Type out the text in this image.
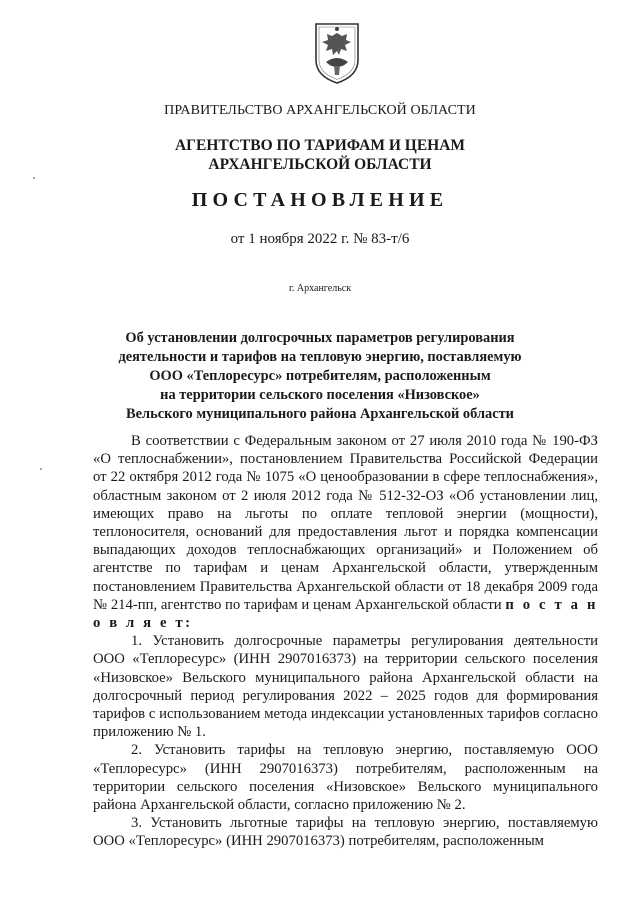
ПРАВИТЕЛЬСТВО АРХАНГЕЛЬСКОЙ ОБЛАСТИ
АГЕНТСТВО ПО ТАРИФАМ И ЦЕНАМ
АРХАНГЕЛЬСКОЙ ОБЛАСТИ
ПОСТАНОВЛЕНИЕ
от 1 ноября 2022 г. № 83-т/6
г. Архангельск
Об установлении долгосрочных параметров регулирования
деятельности и тарифов на тепловую энергию, поставляемую
ООО «Теплоресурс» потребителям, расположенным
на территории сельского поселения «Низовское»
Вельского муниципального района Архангельской области

В соответствии с Федеральным законом от 27 июля 2010 года № 190-ФЗ «О теплоснабжении», постановлением Правительства Российской Федерации от 22 октября 2012 года № 1075 «О ценообразовании в сфере теплоснабжения», областным законом от 2 июля 2012 года № 512-32-ОЗ «Об установлении лиц, имеющих право на льготы по оплате тепловой энергии (мощности), теплоносителя, оснований для предоставления льгот и порядка компенсации выпадающих доходов теплоснабжающих организаций» и Положением об агентстве по тарифам и ценам Архангельской области, утвержденным постановлением Правительства Архангельской области от 18 декабря 2009 года № 214-пп, агентство по тарифам и ценам Архангельской области п о с т а н о в л я е т:

1. Установить долгосрочные параметры регулирования деятельности ООО «Теплоресурс» (ИНН 2907016373) на территории сельского поселения «Низовское» Вельского муниципального района Архангельской области на долгосрочный период регулирования 2022 – 2025 годов для формирования тарифов с использованием метода индексации установленных тарифов согласно приложению № 1.

2. Установить тарифы на тепловую энергию, поставляемую ООО «Теплоресурс» (ИНН 2907016373) потребителям, расположенным на территории сельского поселения «Низовское» Вельского муниципального района Архангельской области, согласно приложению № 2.

3. Установить льготные тарифы на тепловую энергию, поставляемую ООО «Теплоресурс» (ИНН 2907016373) потребителям, расположенным
